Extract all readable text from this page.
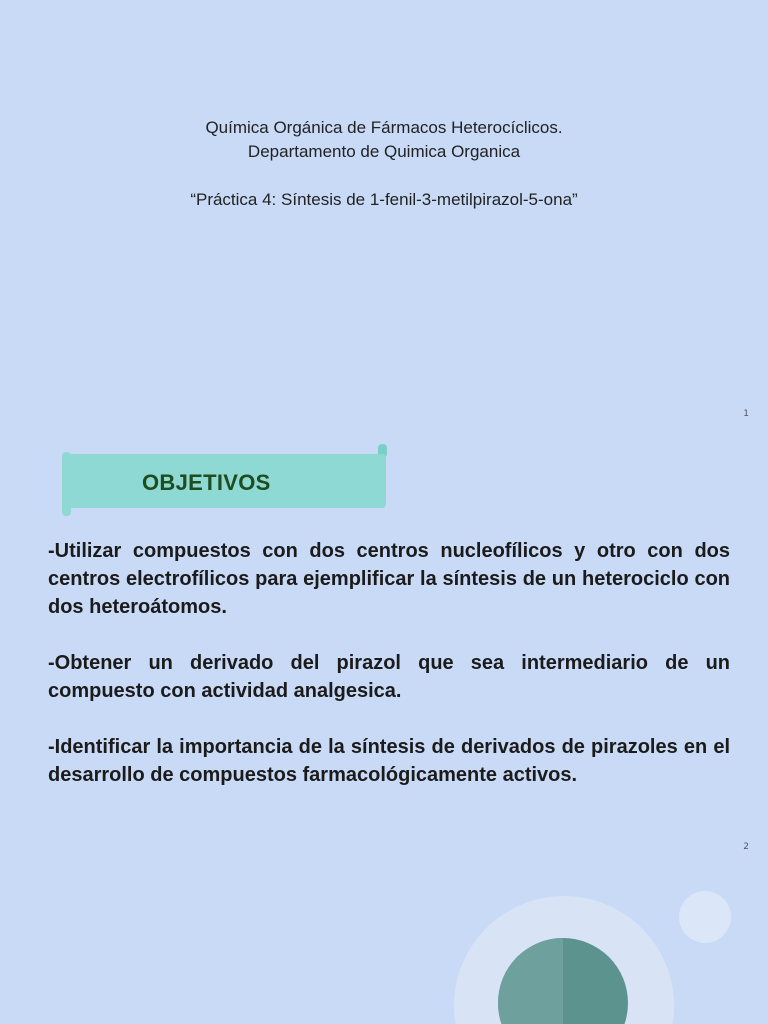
Química Orgánica de Fármacos Heterocíclicos.
Departamento de Quimica Organica
“Práctica 4: Síntesis de 1-fenil-3-metilpirazol-5-ona”
1
OBJETIVOS

-Utilizar compuestos con dos centros nucleofílicos y otro con dos centros electrofílicos para ejemplificar la síntesis de un heterociclo con dos heteroátomos.

-Obtener un derivado del pirazol que sea intermediario de un compuesto con actividad analgesica.

-Identificar la importancia de la síntesis de derivados de pirazoles en el desarrollo de compuestos farmacológicamente activos.

2
